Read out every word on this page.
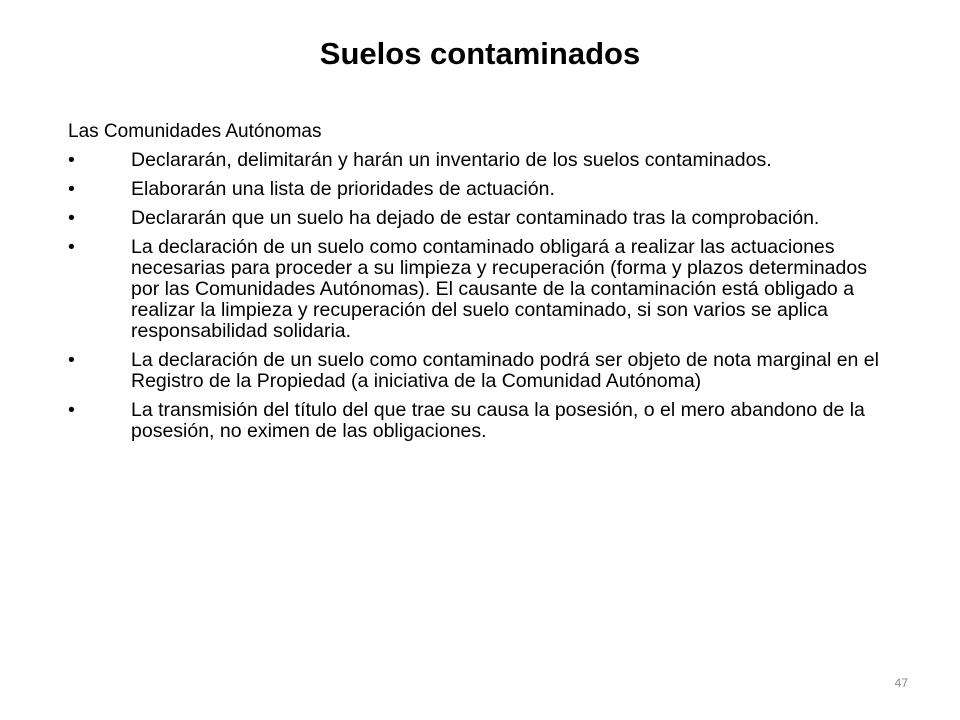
Suelos contaminados

Las Comunidades Autónomas

•	Declararán, delimitarán y harán un inventario de los suelos contaminados.
•	Elaborarán una lista de prioridades de actuación.
•	Declararán que un suelo ha dejado de estar contaminado tras la comprobación.
•	La declaración de un suelo como contaminado obligará a realizar las actuaciones necesarias para proceder a su limpieza y recuperación (forma y plazos determinados por las Comunidades Autónomas). El causante de la contaminación está obligado a realizar la limpieza y recuperación del suelo contaminado, si son varios se aplica responsabilidad solidaria.
•	La declaración de un suelo como contaminado podrá ser objeto de nota marginal en el Registro de la Propiedad (a iniciativa de la Comunidad Autónoma)
•	La transmisión del título del que trae su causa la posesión, o el mero abandono de la posesión, no eximen de las obligaciones.
47
